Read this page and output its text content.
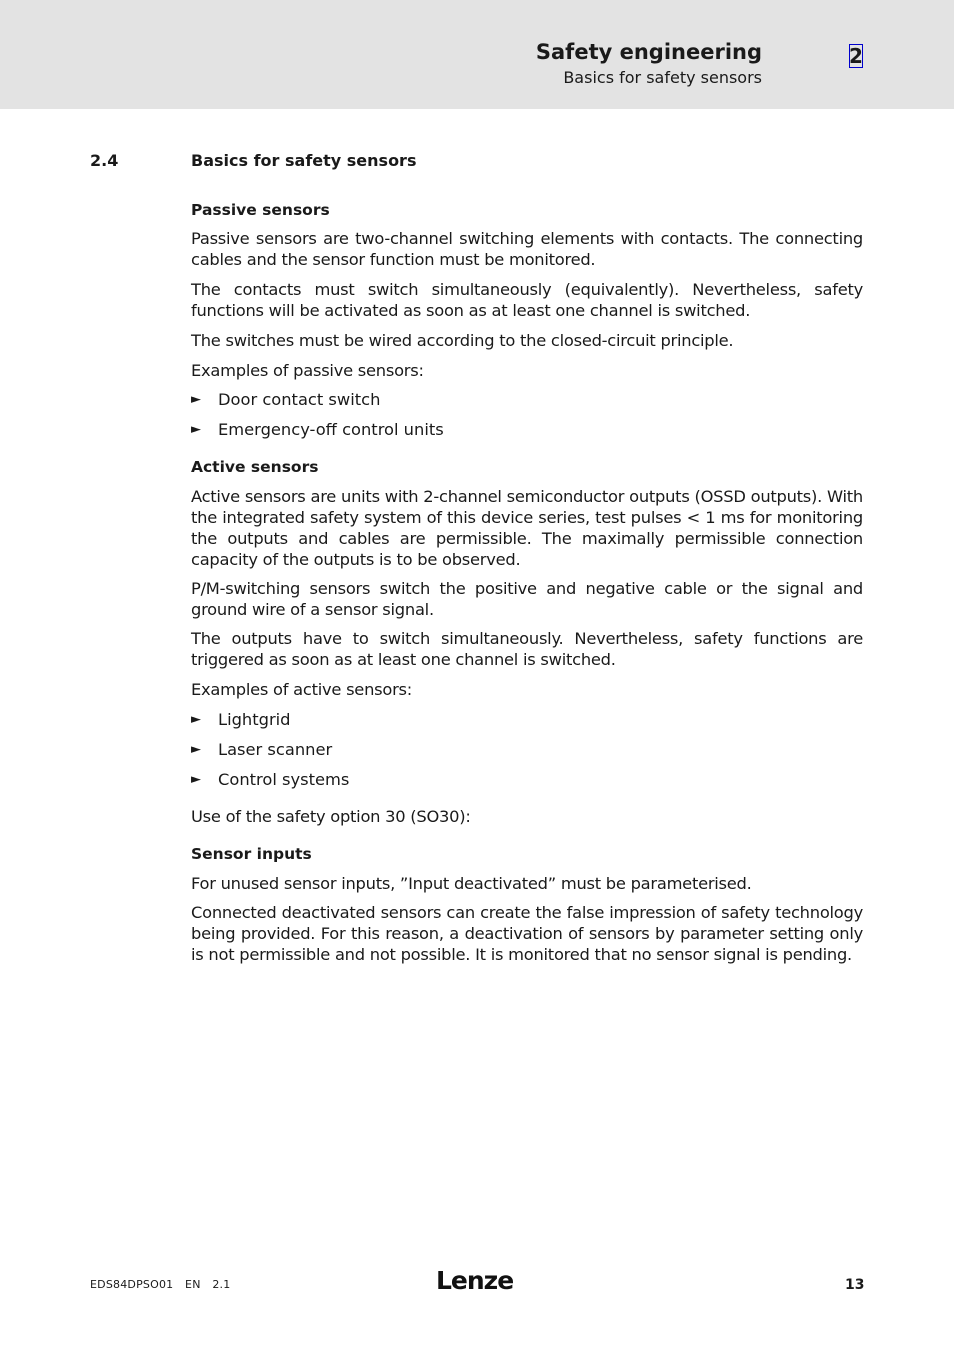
Safety engineering
Basics for safety sensors
2
2.4	Basics for safety sensors
Passive sensors
Passive sensors are two-channel switching elements with contacts. The connecting cables and the sensor function must be monitored.
The contacts must switch simultaneously (equivalently). Nevertheless, safety functions will be activated as soon as at least one channel is switched.
The switches must be wired according to the closed-circuit principle.
Examples of passive sensors:
► Door contact switch
► Emergency-off control units
Active sensors
Active sensors are units with 2-channel semiconductor outputs (OSSD outputs). With the integrated safety system of this device series, test pulses < 1 ms for monitoring the outputs and cables are permissible. The maximally permissible connection capacity of the outputs is to be observed.
P/M-switching sensors switch the positive and negative cable or the signal and ground wire of a sensor signal.
The outputs have to switch simultaneously. Nevertheless, safety functions are triggered as soon as at least one channel is switched.
Examples of active sensors:
► Lightgrid
► Laser scanner
► Control systems
Use of the safety option 30 (SO30):
Sensor inputs
For unused sensor inputs, ”Input deactivated” must be parameterised.
Connected deactivated sensors can create the false impression of safety technology being provided. For this reason, a deactivation of sensors by parameter setting only is not permissible and not possible. It is monitored that no sensor signal is pending.
EDS84DPSO01 EN 2.1	Lenze	13
